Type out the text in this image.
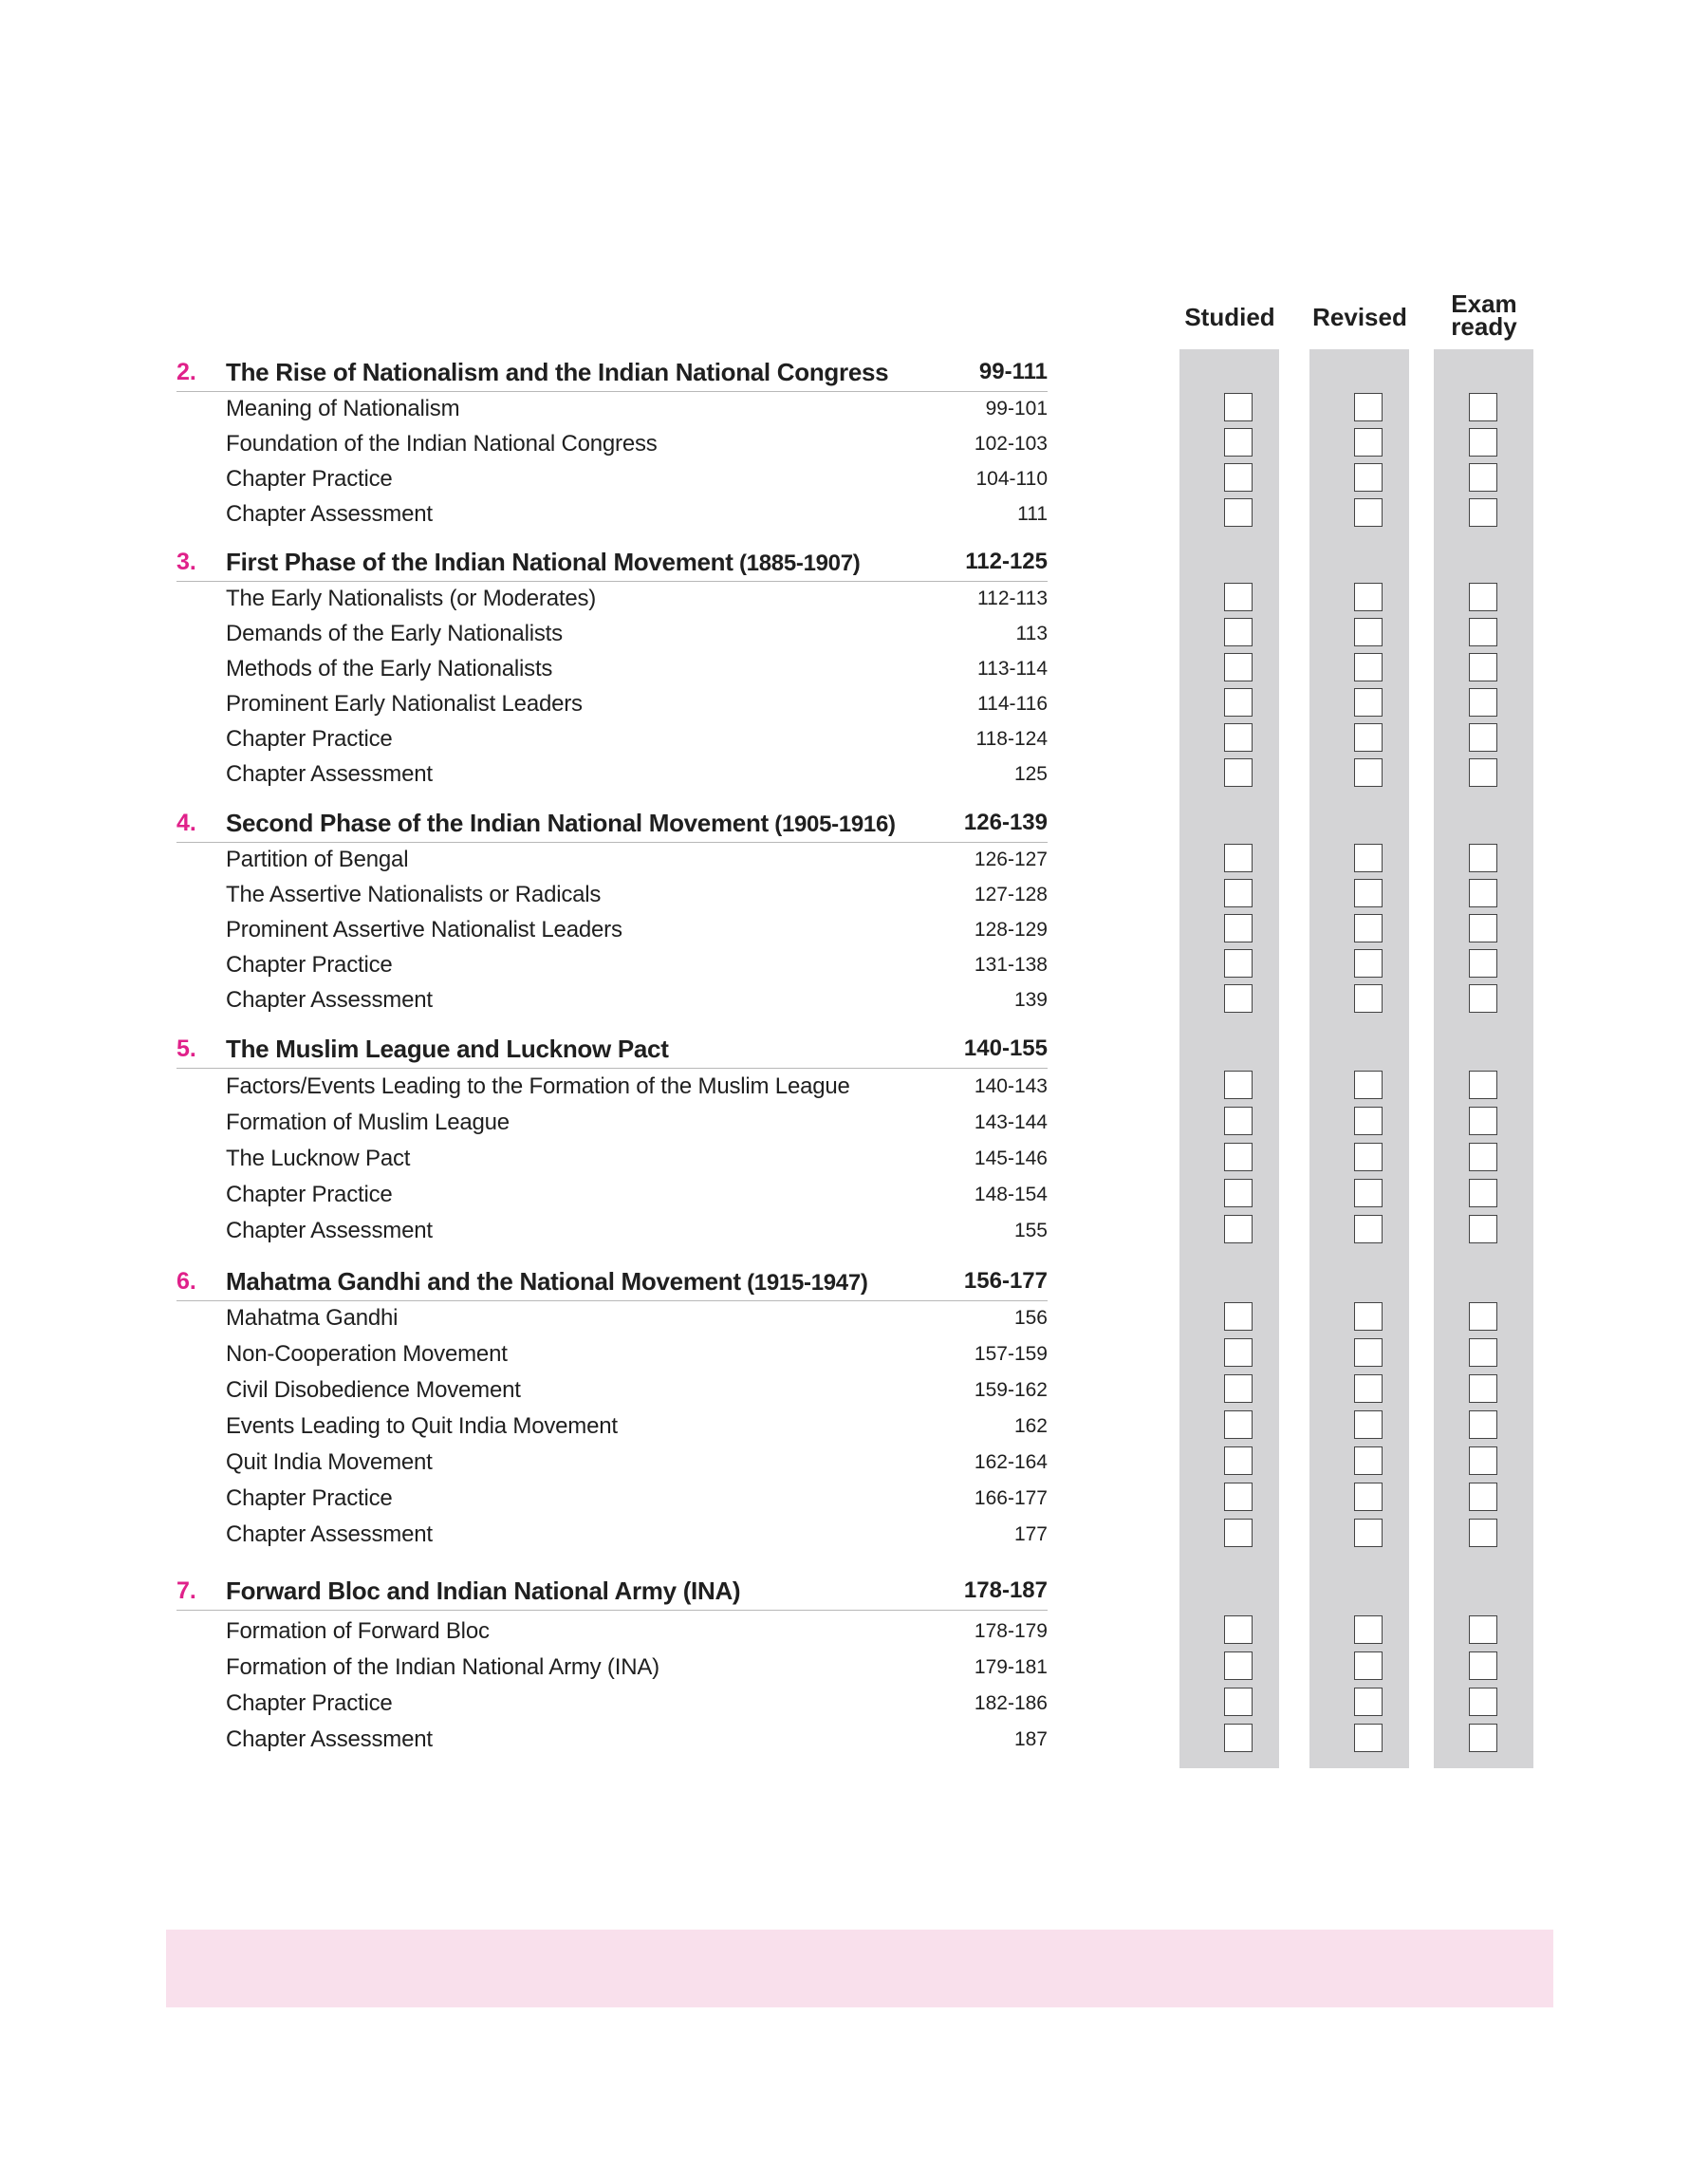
Studied	Revised	Exam ready
2.	The Rise of Nationalism and the Indian National Congress	99-111
Meaning of Nationalism	99-101
Foundation of the Indian National Congress	102-103
Chapter Practice	104-110
Chapter Assessment	111
3.	First Phase of the Indian National Movement (1885-1907)	112-125
The Early Nationalists (or Moderates)	112-113
Demands of the Early Nationalists	113
Methods of the Early Nationalists	113-114
Prominent Early Nationalist Leaders	114-116
Chapter Practice	118-124
Chapter Assessment	125
4.	Second Phase of the Indian National Movement (1905-1916)	126-139
Partition of Bengal	126-127
The Assertive Nationalists or Radicals	127-128
Prominent Assertive Nationalist Leaders	128-129
Chapter Practice	131-138
Chapter Assessment	139
5.	The Muslim League and Lucknow Pact	140-155
Factors/Events Leading to the Formation of the Muslim League	140-143
Formation of Muslim League	143-144
The Lucknow Pact	145-146
Chapter Practice	148-154
Chapter Assessment	155
6.	Mahatma Gandhi and the National Movement (1915-1947)	156-177
Mahatma Gandhi	156
Non-Cooperation Movement	157-159
Civil Disobedience Movement	159-162
Events Leading to Quit India Movement	162
Quit India Movement	162-164
Chapter Practice	166-177
Chapter Assessment	177
7.	Forward Bloc and Indian National Army (INA)	178-187
Formation of Forward Bloc	178-179
Formation of the Indian National Army (INA)	179-181
Chapter Practice	182-186
Chapter Assessment	187
